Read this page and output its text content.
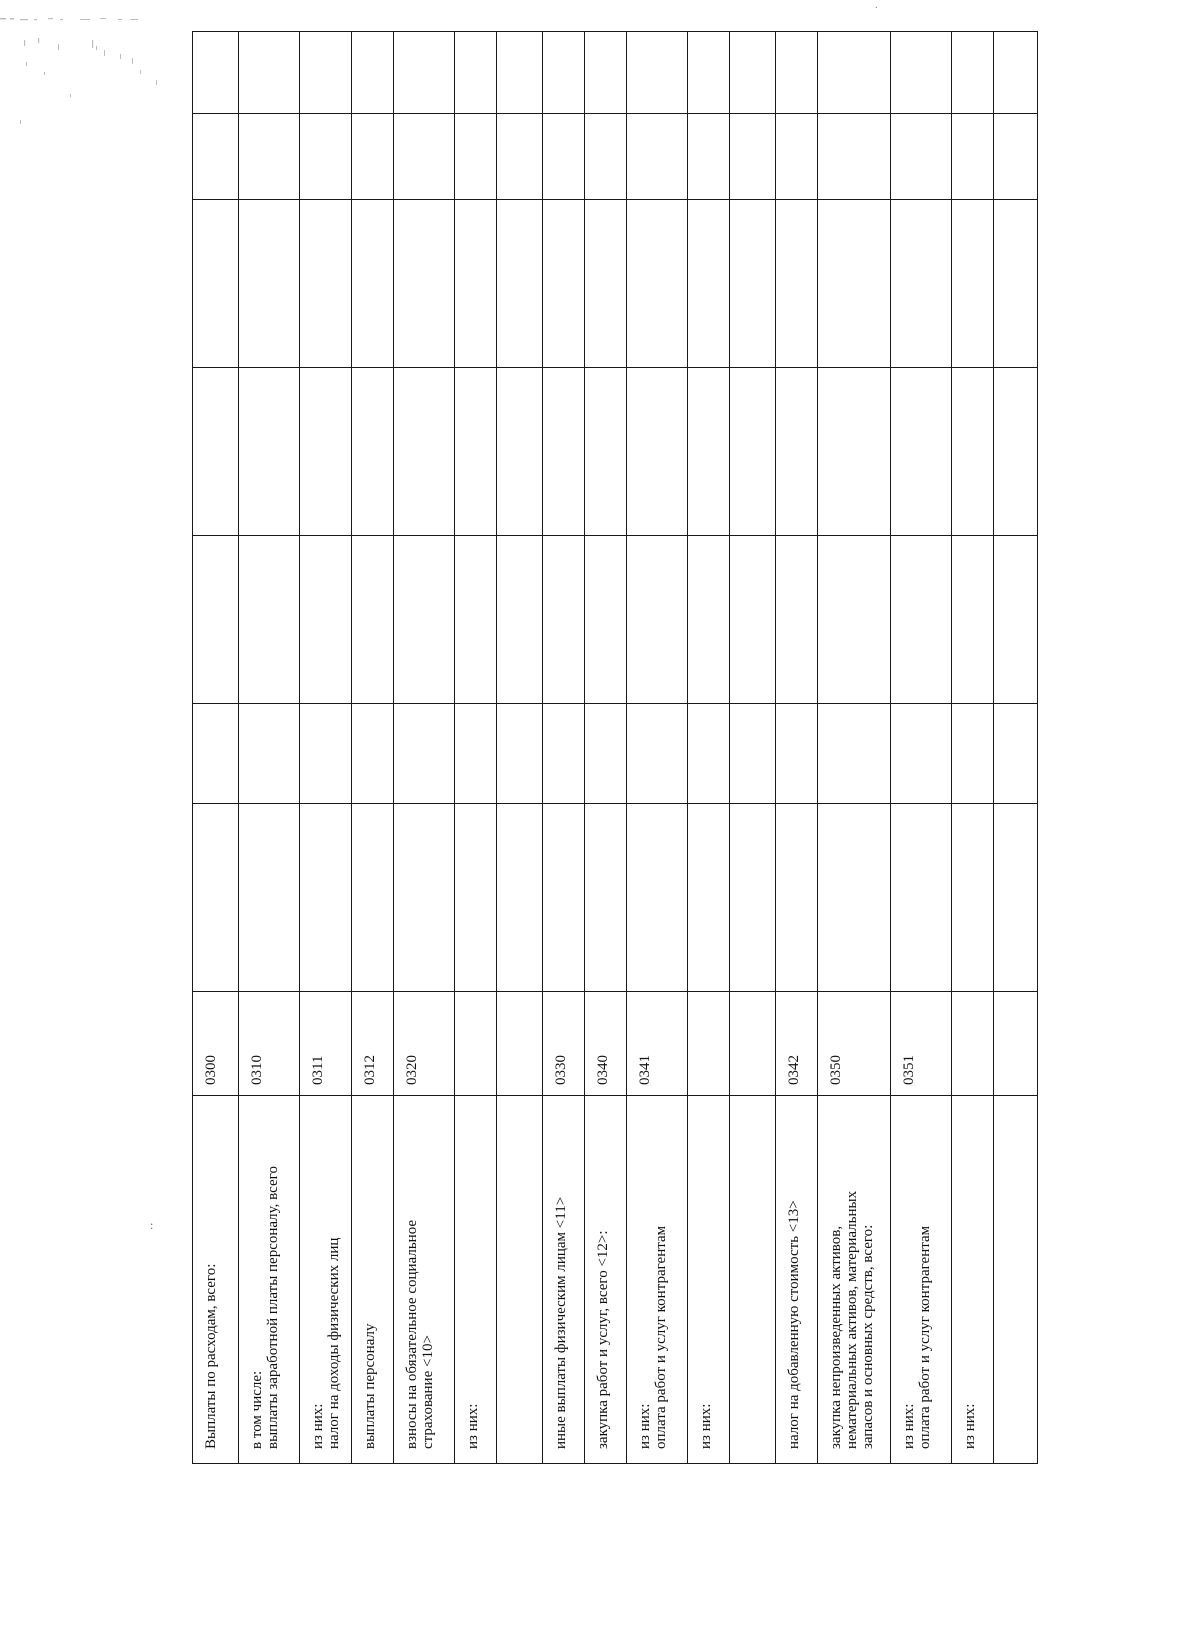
.
:
Выплаты по расходам, всего:	0300							

в том числе: выплаты заработной платы персоналу, всего	0310							

из них: налог на доходы физических лиц	0311							

выплаты персоналу	0312							

взносы на обязательное социальное страхование <10>	0320							

из них:								

иные выплаты физическим лицам <11>	0330							

закупка работ и услуг, всего <12>:	0340							

из них: оплата работ и услуг контрагентам	0341							

из них:								

налог на добавленную стоимость <13>	0342							

закупка непроизведенных активов, нематериальных активов, материальных запасов и основных средств, всего:	0350							

из них: оплата работ и услуг контрагентам	0351							

из них:								
